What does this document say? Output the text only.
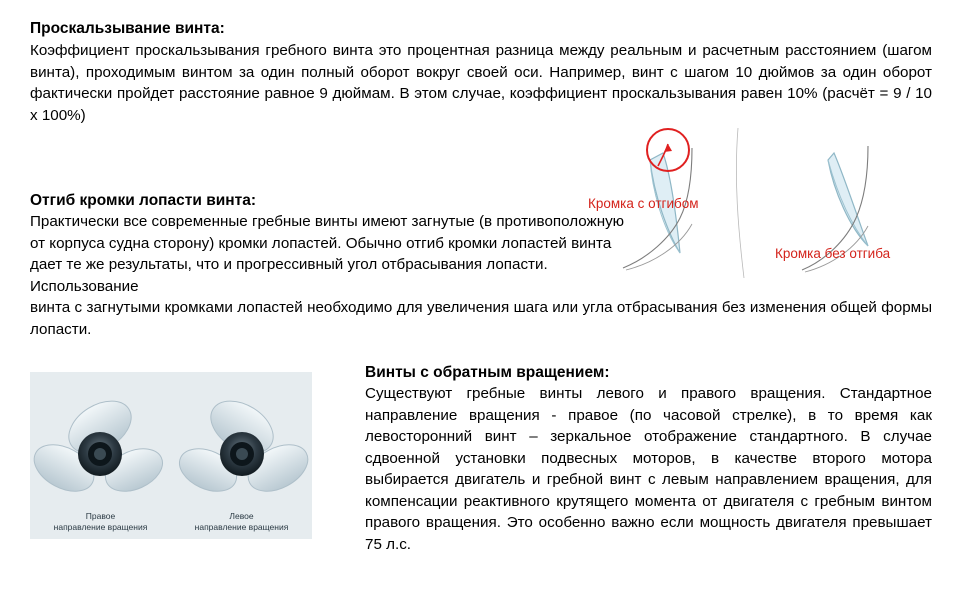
Проскальзывание винта:
Коэффициент проскальзывания гребного винта это процентная разница между реальным и расчетным расстоянием (шагом винта), проходимым винтом за один полный оборот вокруг своей оси. Например, винт с шагом 10 дюймов за один оборот фактически пройдет расстояние равное 9 дюймам. В этом случае, коэффициент проскальзывания равен 10% (расчёт = 9 / 10 х 100%)
Отгиб кромки лопасти винта:
Практически все современные гребные винты имеют загнутые (в противоположную от корпуса судна сторону) кромки лопастей. Обычно отгиб кромки лопастей винта дает те же результаты, что и прогрессивный угол отбрасывания лопасти. Использование
винта с загнутыми кромками лопастей необходимо для увеличения шага или угла отбрасывания без изменения общей формы лопасти.
Кромка с отгибом
Кромка без отгиба
Правое
направление вращения
Левое
направление вращения
Винты с обратным вращением:
Существуют гребные винты левого и правого вращения. Стандартное направление вращения - правое (по часовой стрелке), в то время как левосторонний винт – зеркальное отображение стандартного. В случае сдвоенной установки подвесных моторов, в качестве второго мотора выбирается двигатель и гребной винт с левым направлением вращения, для компенсации реактивного крутящего момента от двигателя с гребным винтом правого вращения. Это особенно важно если мощность двигателя превышает 75 л.с.
